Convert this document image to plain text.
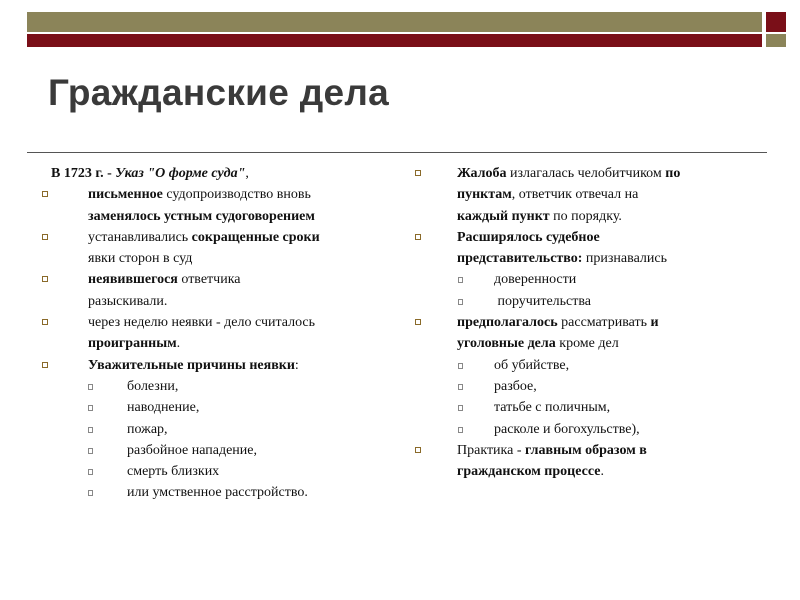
Гражданские дела
В 1723 г. - Указ "О форме суда",
письменное судопроизводство вновь
заменялось устным судоговорением
устанавливались сокращенные сроки
явки сторон в суд
неявившегося ответчика
разыскивали.
через неделю неявки - дело считалось
проигранным.
Уважительные причины неявки:
болезни,
наводнение,
пожар,
разбойное нападение,
смерть близких
или умственное расстройство.
Жалоба излагалась челобитчиком по
пунктам, ответчик отвечал на
каждый пункт по порядку.
Расширялось судебное
представительство: признавались
доверенности
поручительства
предполагалось рассматривать и
уголовные дела кроме дел
об убийстве,
разбое,
татьбе с поличным,
расколе и богохульстве),
Практика - главным образом в
гражданском процессе.
